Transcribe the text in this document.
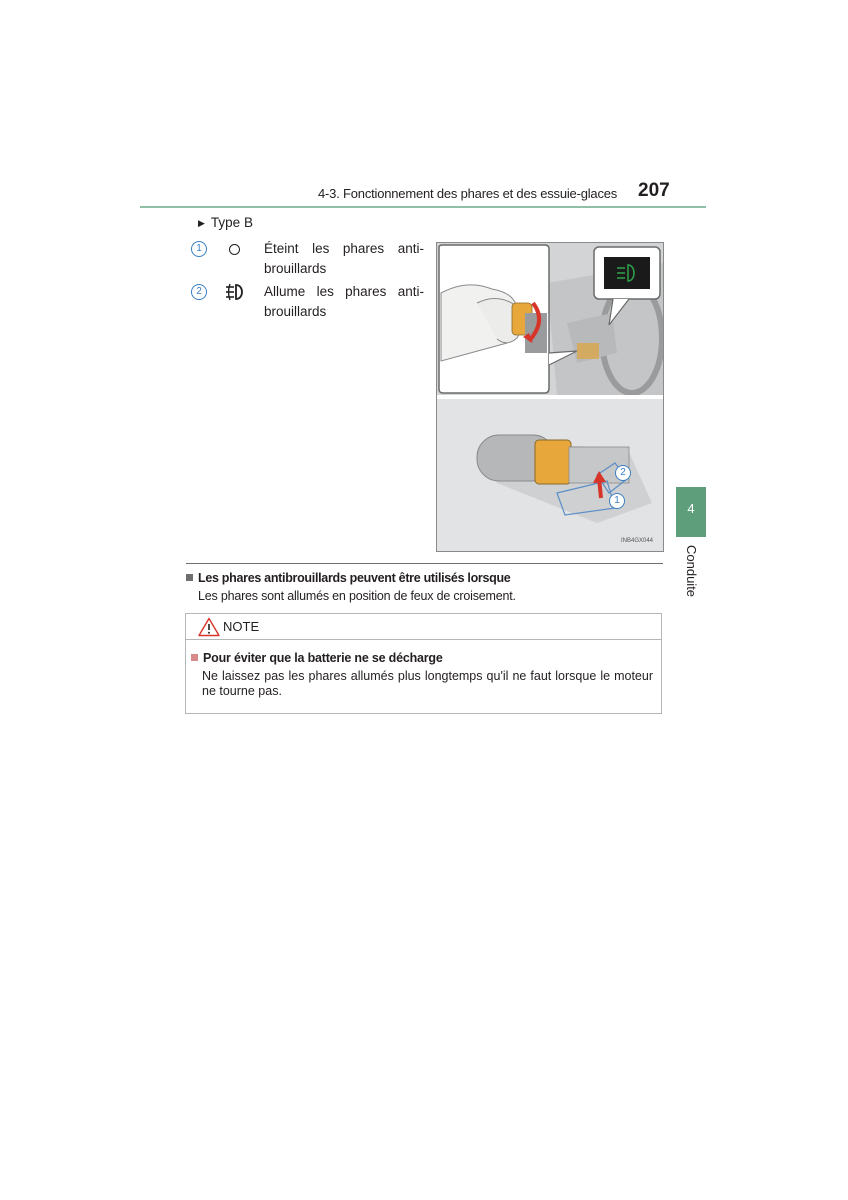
4-3. Fonctionnement des phares et des essuie-glaces 207
▶ Type B
1	Éteint les phares anti-brouillards
2	Allume les phares anti-brouillards
2
1
INB4GX044
4
Conduite
Les phares antibrouillards peuvent être utilisés lorsque
Les phares sont allumés en position de feux de croisement.
NOTE
Pour éviter que la batterie ne se décharge
Ne laissez pas les phares allumés plus longtemps qu'il ne faut lorsque le moteur ne tourne pas.
